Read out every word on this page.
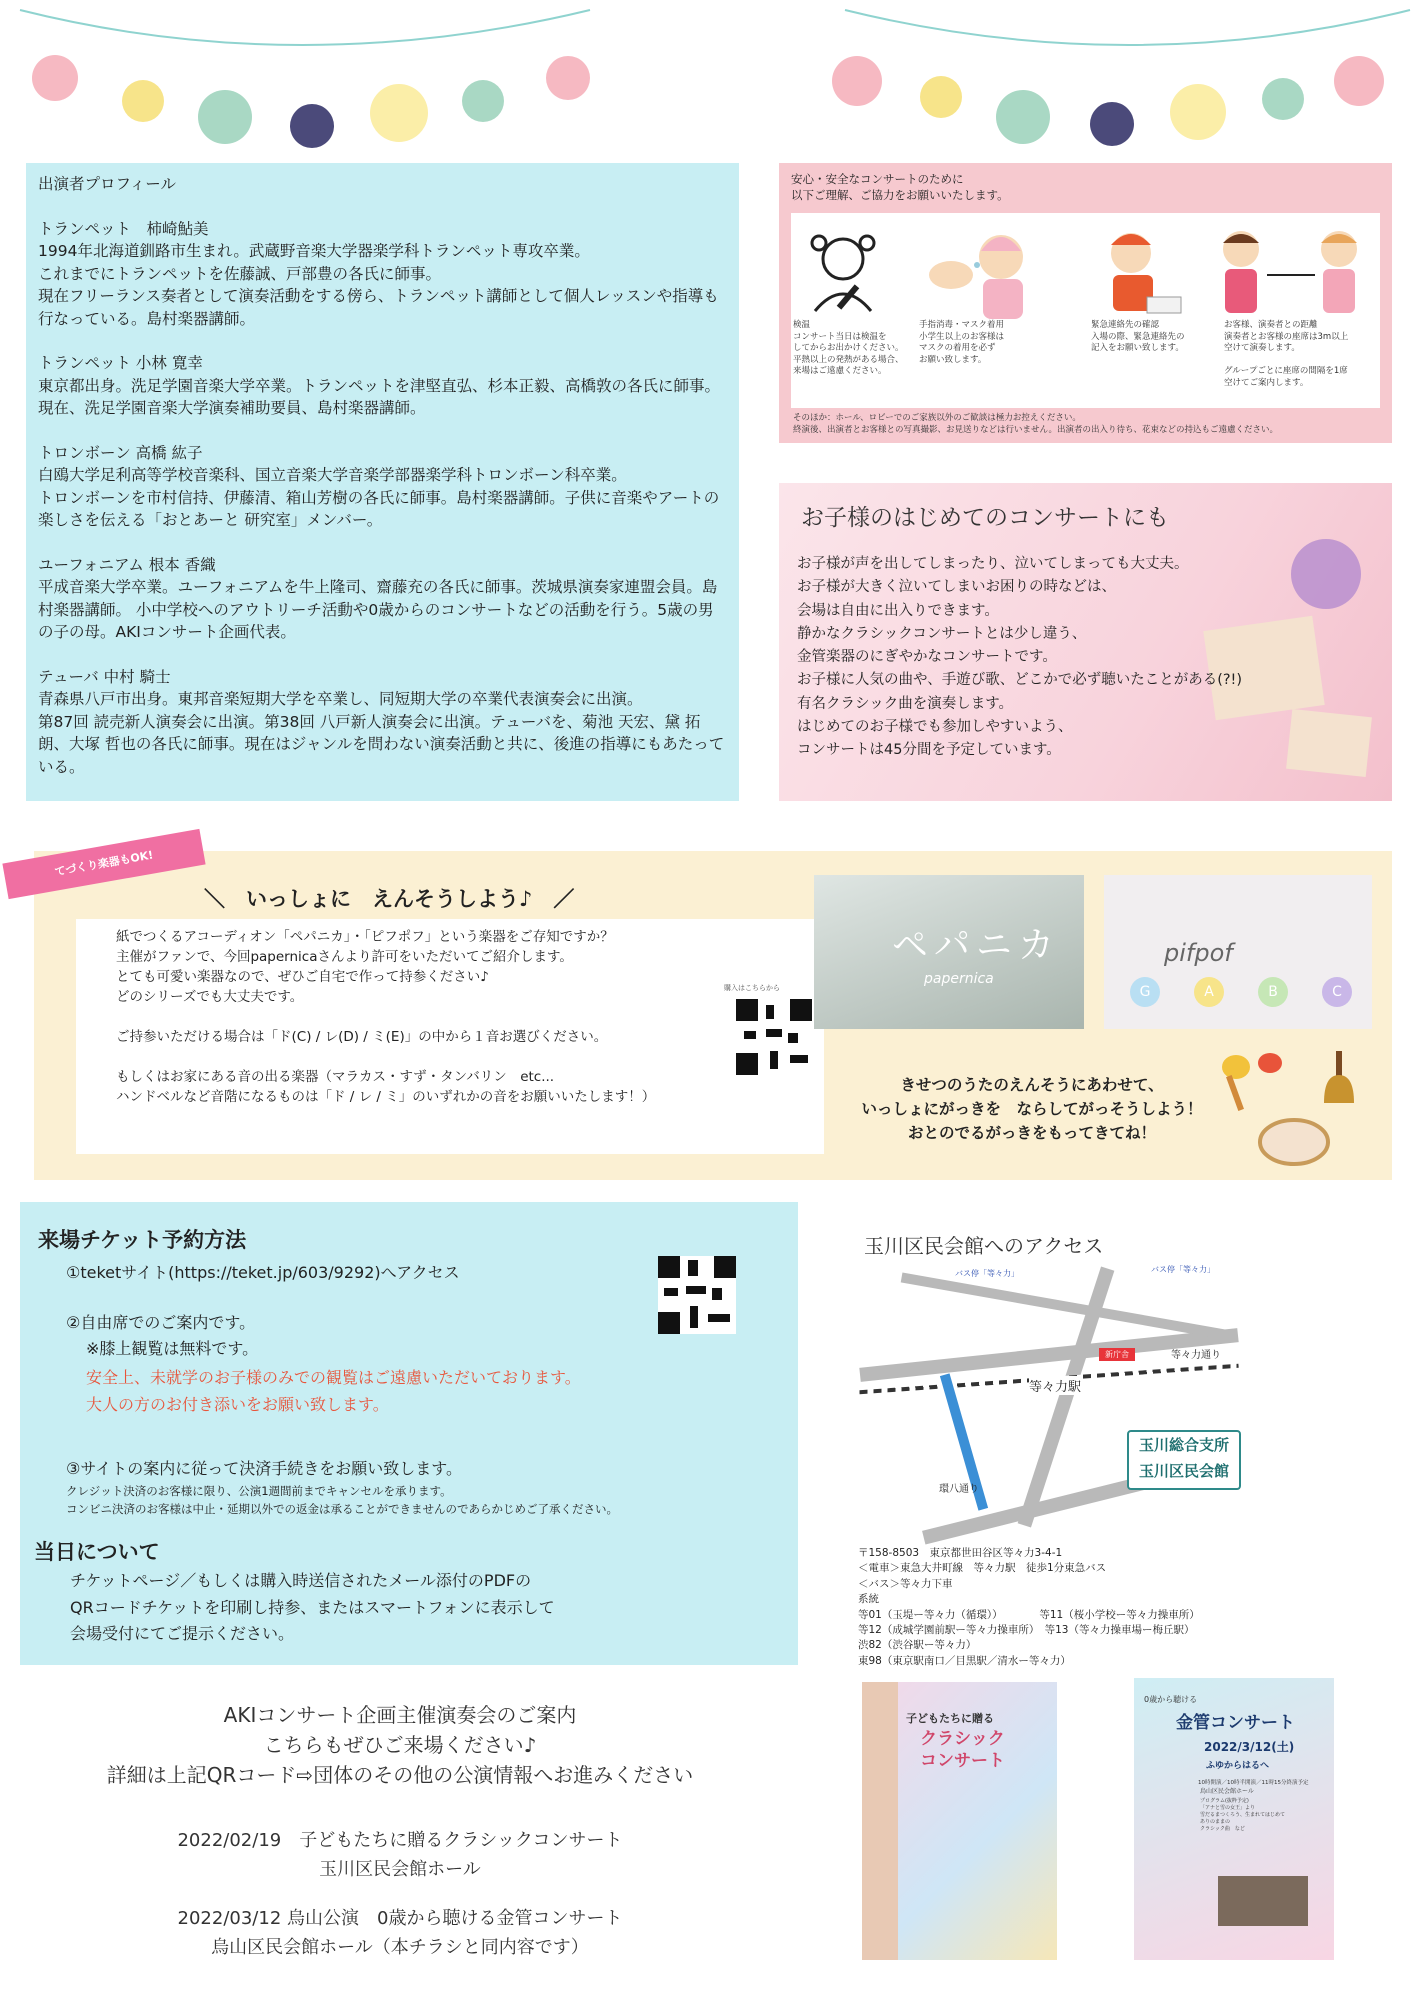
出演者プロフィール
トランペット　柿崎鮎美
1994年北海道釧路市生まれ。武蔵野音楽大学器楽学科トランペット専攻卒業。
これまでにトランペットを佐藤誠、戸部豊の各氏に師事。
現在フリーランス奏者として演奏活動をする傍ら、トランペット講師として個人レッスンや指導も行なっている。島村楽器講師。
トランペット 小林 寛幸
東京都出身。洗足学園音楽大学卒業。トランペットを津堅直弘、杉本正毅、高橋敦の各氏に師事。現在、洗足学園音楽大学演奏補助要員、島村楽器講師。
トロンボーン 高橋 紘子
白鴎大学足利高等学校音楽科、国立音楽大学音楽学部器楽学科トロンボーン科卒業。
トロンボーンを市村信持、伊藤清、箱山芳樹の各氏に師事。島村楽器講師。子供に音楽やアートの楽しさを伝える「おとあーと 研究室」メンバー。
ユーフォニアム 根本 香織
平成音楽大学卒業。ユーフォニアムを牛上隆司、齋藤充の各氏に師事。茨城県演奏家連盟会員。島村楽器講師。 小中学校へのアウトリーチ活動や0歳からのコンサートなどの活動を行う。5歳の男の子の母。AKIコンサート企画代表。
テューバ 中村 騎士
青森県八戸市出身。東邦音楽短期大学を卒業し、同短期大学の卒業代表演奏会に出演。
第87回 読売新人演奏会に出演。第38回 八戸新人演奏会に出演。テューバを、菊池 天宏、黛 拓朗、大塚 哲也の各氏に師事。現在はジャンルを問わない演奏活動と共に、後進の指導にもあたっている。
安心・安全なコンサートのために
以下ご理解、ご協力をお願いいたします。
検温
コンサート当日は検温を
してからお出かけください。
平熱以上の発熱がある場合、
来場はご遠慮ください。
手指消毒・マスク着用
小学生以上のお客様は
マスクの着用を必ず
お願い致します。
緊急連絡先の確認
入場の際、緊急連絡先の
記入をお願い致します。
お客様、演奏者との距離
演奏者とお客様の座席は3m以上
空けて演奏します。

グループごとに座席の間隔を1席
空けてご案内します。
そのほか：ホール、ロビーでのご家族以外のご歓談は極力お控えください。
終演後、出演者とお客様との写真撮影、お見送りなどは行いません。出演者の出入り待ち、花束などの持込もご遠慮ください。
お子様のはじめてのコンサートにも
お子様が声を出してしまったり、泣いてしまっても大丈夫。
お子様が大きく泣いてしまいお困りの時などは、
会場は自由に出入りできます。
静かなクラシックコンサートとは少し違う、
金管楽器のにぎやかなコンサートです。
お子様に人気の曲や、手遊び歌、どこかで必ず聴いたことがある(?!)
有名クラシック曲を演奏します。
はじめてのお子様でも参加しやすいよう、
コンサートは45分間を予定しています。
紙でつくるアコーディオン「ペパニカ」・「ピフポフ」という楽器をご存知ですか？
主催がファンで、今回papernicaさんより許可をいただいてご紹介します。
とても可愛い楽器なので、ぜひご自宅で作って持参ください♪
どのシリーズでも大丈夫です。

ご持参いただける場合は「ド(C) / レ(D) / ミ(E)」の中から１音お選びください。

もしくはお家にある音の出る楽器（マラカス・すず・タンバリン　etc...
ハンドベルなど音階になるものは「ド / レ / ミ」のいずれかの音をお願いいたします！）
購入はこちらから
＼　いっしょに　えんそうしよう♪　／
ペパニカ
papernica
pifpof
G	A	B	C
きせつのうたのえんそうにあわせて、
いっしょにがっきを　ならしてがっそうしよう！
おとのでるがっきをもってきてね！
てづくり楽器もOK!
来場チケット予約方法
①teketサイト(https://teket.jp/603/9292)へアクセス
②自由席でのご案内です。
※膝上観覧は無料です。
安全上、未就学のお子様のみでの観覧はご遠慮いただいております。
大人の方のお付き添いをお願い致します。
③サイトの案内に従って決済手続きをお願い致します。
クレジット決済のお客様に限り、公演1週間前までキャンセルを承ります。
コンビニ決済のお客様は中止・延期以外での返金は承ることができませんのであらかじめご了承ください。
当日について
チケットページ／もしくは購入時送信されたメール添付のPDFの
QRコードチケットを印刷し持参、またはスマートフォンに表示して
会場受付にてご提示ください。
玉川区民会館へのアクセス
バス停「等々力」	バス停「等々力」
等々力駅
等々力通り
環八通り
新庁舎
玉川総合支所
玉川区民会館
〒158-8503　東京都世田谷区等々力3-4-1
＜電車＞東急大井町線　等々力駅　徒歩1分東急バス
＜バス＞等々力下車
系統
等01（玉堤ー等々力（循環））　　　　等11（桜小学校ー等々力操車所）
等12（成城学園前駅ー等々力操車所）　等13（等々力操車場ー梅丘駅）
渋82（渋谷駅ー等々力）
東98（東京駅南口／目黒駅／清水ー等々力）
AKIコンサート企画主催演奏会のご案内
こちらもぜひご来場ください♪
詳細は上記QRコード⇨団体のその他の公演情報へお進みください
2022/02/19　子どもたちに贈るクラシックコンサート
玉川区民会館ホール
2022/03/12 烏山公演　0歳から聴ける金管コンサート
烏山区民会館ホール（本チラシと同内容です）
子どもたちに贈る
クラシック
コンサート
0歳から聴ける
金管コンサート
2022/3/12(土)
ふゆからはるへ
10時開演／10時半開演／11時15分終演予定
烏山区民会館ホール
プログラム(抜粋予定)
「アナと雪の女王」より
雪だるまつくろう、生まれてはじめて
ありのままの
クラシック曲　など
